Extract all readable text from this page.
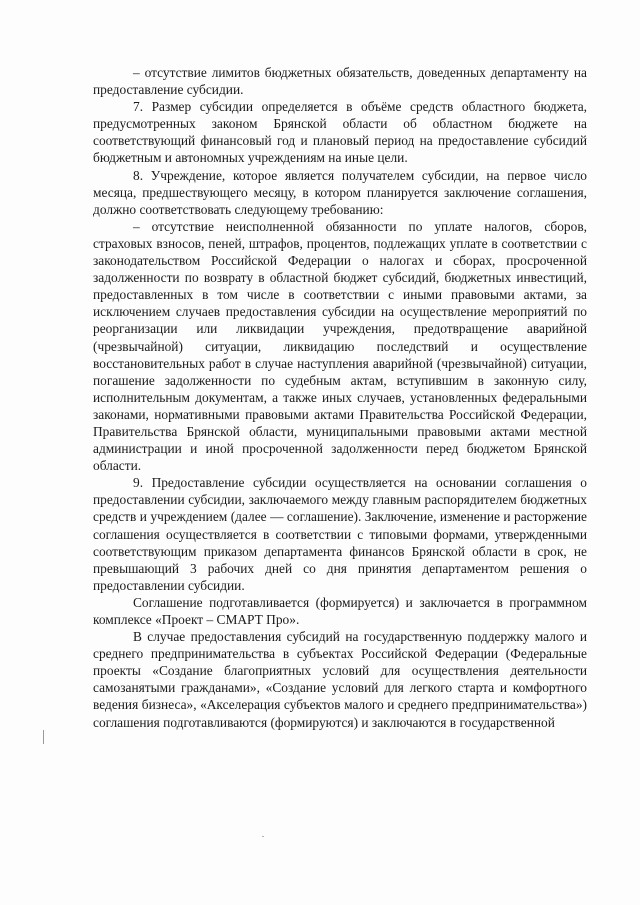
– отсутствие лимитов бюджетных обязательств, доведенных департаменту на предоставление субсидии.

7. Размер субсидии определяется в объёме средств областного бюджета, предусмотренных законом Брянской области об областном бюджете на соответствующий финансовый год и плановый период на предоставление субсидий бюджетным и автономных учреждениям на иные цели.

8. Учреждение, которое является получателем субсидии, на первое число месяца, предшествующего месяцу, в котором планируется заключение соглашения, должно соответствовать следующему требованию:

– отсутствие неисполненной обязанности по уплате налогов, сборов, страховых взносов, пеней, штрафов, процентов, подлежащих уплате в соответствии с законодательством Российской Федерации о налогах и сборах, просроченной задолженности по возврату в областной бюджет субсидий, бюджетных инвестиций, предоставленных в том числе в соответствии с иными правовыми актами, за исключением случаев предоставления субсидии на осуществление мероприятий по реорганизации или ликвидации учреждения, предотвращение аварийной (чрезвычайной) ситуации, ликвидацию последствий и осуществление восстановительных работ в случае наступления аварийной (чрезвычайной) ситуации, погашение задолженности по судебным актам, вступившим в законную силу, исполнительным документам, а также иных случаев, установленных федеральными законами, нормативными правовыми актами Правительства Российской Федерации, Правительства Брянской области, муниципальными правовыми актами местной администрации и иной просроченной задолженности перед бюджетом Брянской области.

9. Предоставление субсидии осуществляется на основании соглашения о предоставлении субсидии, заключаемого между главным распорядителем бюджетных средств и учреждением (далее — соглашение). Заключение, изменение и расторжение соглашения осуществляется в соответствии с типовыми формами, утвержденными соответствующим приказом департамента финансов Брянской области в срок, не превышающий 3 рабочих дней со дня принятия департаментом решения о предоставлении субсидии.

Соглашение подготавливается (формируется) и заключается в программном комплексе «Проект – СМАРТ Про».

В случае предоставления субсидий на государственную поддержку малого и среднего предпринимательства в субъектах Российской Федерации (Федеральные проекты «Создание благоприятных условий для осуществления деятельности самозанятыми гражданами», «Создание условий для легкого старта и комфортного ведения бизнеса», «Акселерация субъектов малого и среднего предпринимательства») соглашения подготавливаются (формируются) и заключаются в государственной
